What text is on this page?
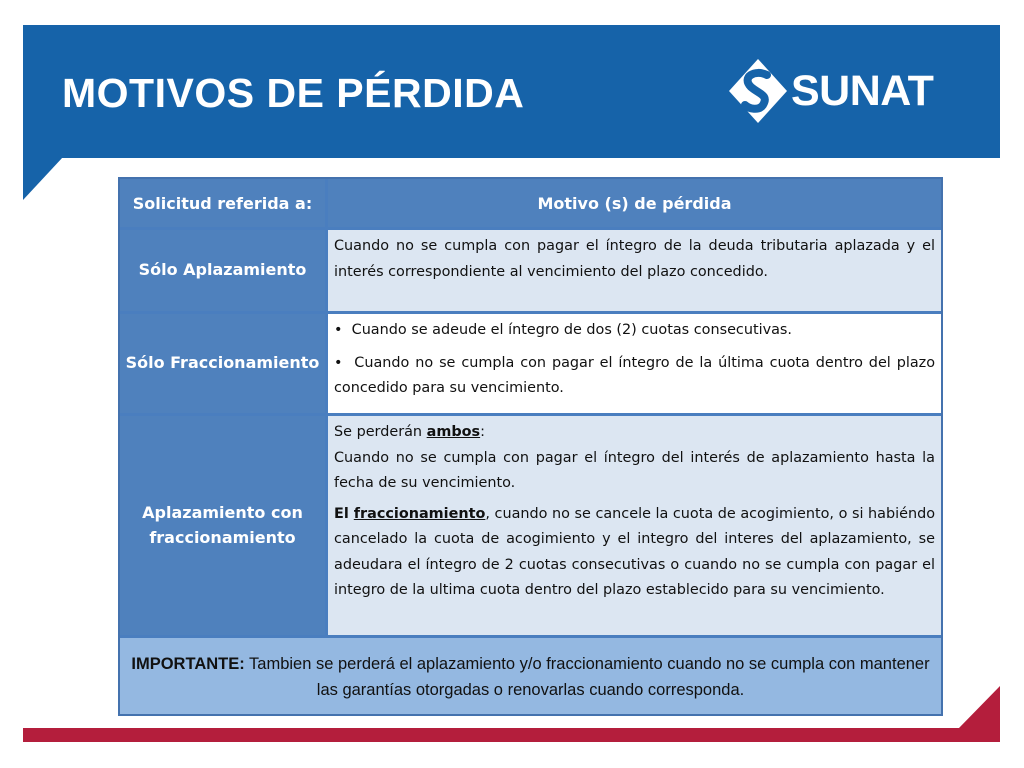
MOTIVOS DE PÉRDIDA	SUNAT
Solicitud referida a:	Motivo (s) de pérdida
Sólo Aplazamiento
Cuando no se cumpla con pagar el íntegro de la deuda tributaria aplazada y el interés correspondiente al vencimiento del plazo concedido.
Sólo Fraccionamiento
•  Cuando se adeude el íntegro de dos (2) cuotas consecutivas.
•  Cuando no se cumpla con pagar el íntegro de la última cuota dentro del plazo concedido para su vencimiento.
Aplazamiento con
fraccionamiento

Se perderán ambos:

Cuando no se cumpla con pagar el íntegro del interés de aplazamiento hasta la fecha de su vencimiento.

El fraccionamiento, cuando no se cancele la cuota de acogimiento, o si habiéndo cancelado la cuota de acogimiento y el integro del interes del aplazamiento, se adeudara el íntegro de 2 cuotas consecutivas o cuando no se cumpla con pagar el integro de la ultima cuota dentro del plazo establecido para su vencimiento.

IMPORTANTE: Tambien se perderá el aplazamiento y/o fraccionamiento cuando no se cumpla con mantener las garantías otorgadas o renovarlas cuando corresponda.
